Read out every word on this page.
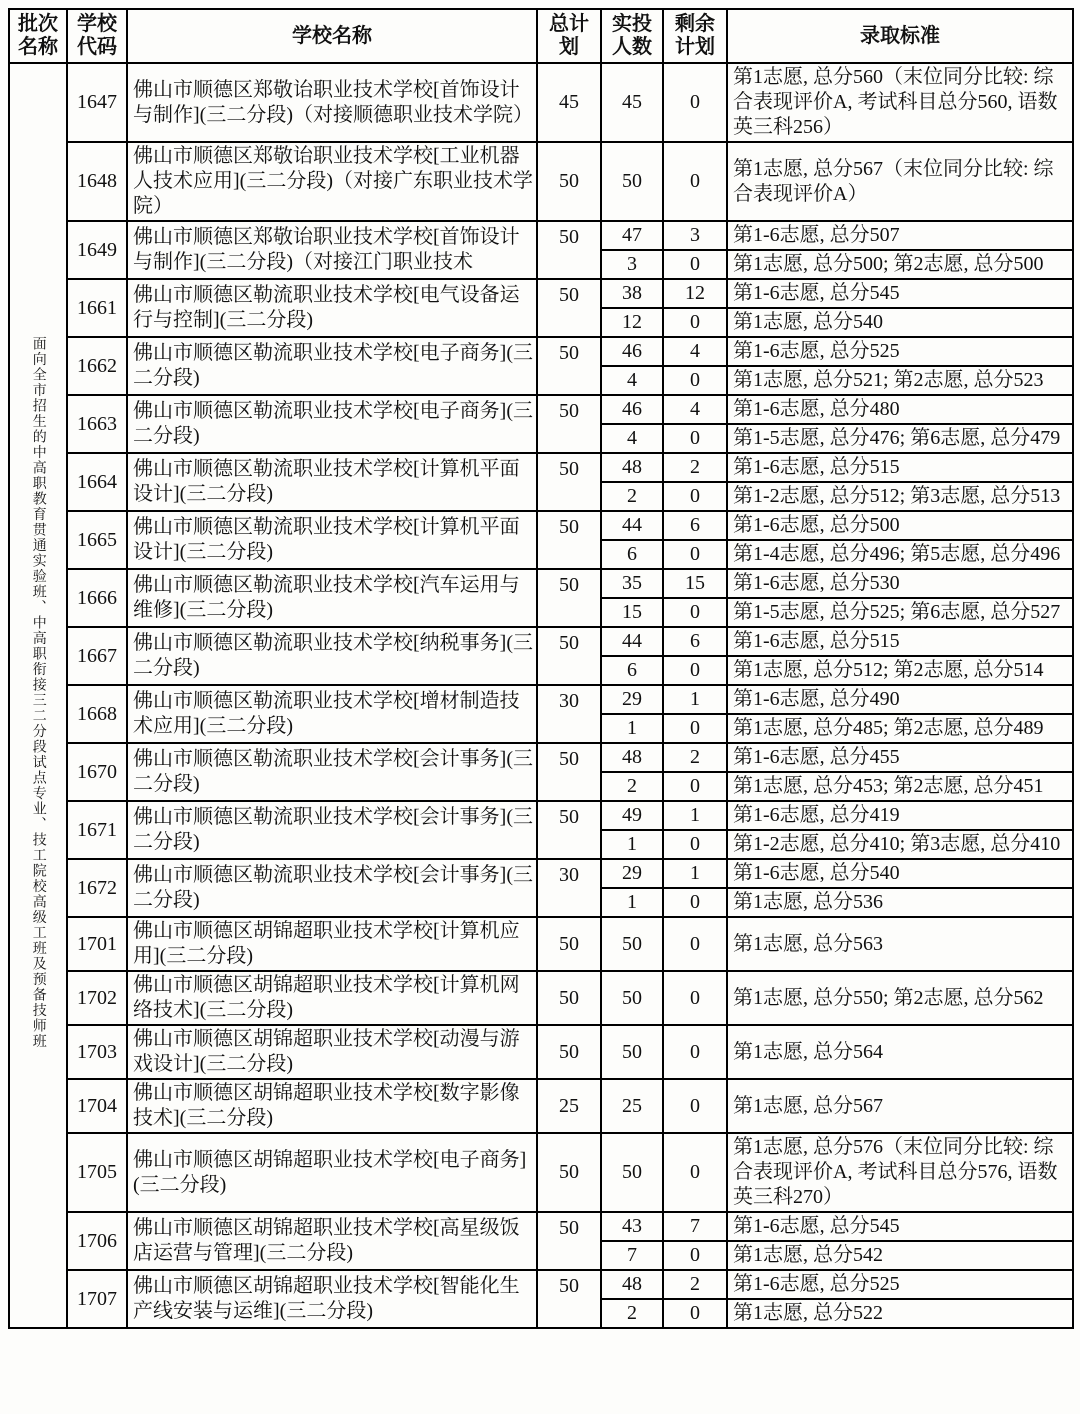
批次名称	学校代码	学校名称	总计划	实投人数	剩余计划	录取标准
面向全市招生的中高职教育贯通实验班、中高职衔接三二分段试点专业、技工院校高级工班及预备技师班	1647	佛山市顺德区郑敬诒职业技术学校[首饰设计与制作](三二分段)（对接顺德职业技术学院）	45	45	0	第1志愿, 总分560（末位同分比较: 综合表现评价A, 考试科目总分560, 语数英三科256）
	1648	佛山市顺德区郑敬诒职业技术学校[工业机器人技术应用](三二分段)（对接广东职业技术学院）	50	50	0	第1志愿, 总分567（末位同分比较: 综合表现评价A）
	1649	佛山市顺德区郑敬诒职业技术学校[首饰设计与制作](三二分段)（对接江门职业技术	50	47	3	第1-6志愿, 总分507
				3	0	第1志愿, 总分500; 第2志愿, 总分500
	1661	佛山市顺德区勒流职业技术学校[电气设备运行与控制](三二分段)	50	38	12	第1-6志愿, 总分545
				12	0	第1志愿, 总分540
	1662	佛山市顺德区勒流职业技术学校[电子商务](三二分段)	50	46	4	第1-6志愿, 总分525
				4	0	第1志愿, 总分521; 第2志愿, 总分523
	1663	佛山市顺德区勒流职业技术学校[电子商务](三二分段)	50	46	4	第1-6志愿, 总分480
				4	0	第1-5志愿, 总分476; 第6志愿, 总分479
	1664	佛山市顺德区勒流职业技术学校[计算机平面设计](三二分段)	50	48	2	第1-6志愿, 总分515
				2	0	第1-2志愿, 总分512; 第3志愿, 总分513
	1665	佛山市顺德区勒流职业技术学校[计算机平面设计](三二分段)	50	44	6	第1-6志愿, 总分500
				6	0	第1-4志愿, 总分496; 第5志愿, 总分496
	1666	佛山市顺德区勒流职业技术学校[汽车运用与维修](三二分段)	50	35	15	第1-6志愿, 总分530
				15	0	第1-5志愿, 总分525; 第6志愿, 总分527
	1667	佛山市顺德区勒流职业技术学校[纳税事务](三二分段)	50	44	6	第1-6志愿, 总分515
				6	0	第1志愿, 总分512; 第2志愿, 总分514
	1668	佛山市顺德区勒流职业技术学校[增材制造技术应用](三二分段)	30	29	1	第1-6志愿, 总分490
				1	0	第1志愿, 总分485; 第2志愿, 总分489
	1670	佛山市顺德区勒流职业技术学校[会计事务](三二分段)	50	48	2	第1-6志愿, 总分455
				2	0	第1志愿, 总分453; 第2志愿, 总分451
	1671	佛山市顺德区勒流职业技术学校[会计事务](三二分段)	50	49	1	第1-6志愿, 总分419
				1	0	第1-2志愿, 总分410; 第3志愿, 总分410
	1672	佛山市顺德区勒流职业技术学校[会计事务](三二分段)	30	29	1	第1-6志愿, 总分540
				1	0	第1志愿, 总分536
	1701	佛山市顺德区胡锦超职业技术学校[计算机应用](三二分段)	50	50	0	第1志愿, 总分563
	1702	佛山市顺德区胡锦超职业技术学校[计算机网络技术](三二分段)	50	50	0	第1志愿, 总分550; 第2志愿, 总分562
	1703	佛山市顺德区胡锦超职业技术学校[动漫与游戏设计](三二分段)	50	50	0	第1志愿, 总分564
	1704	佛山市顺德区胡锦超职业技术学校[数字影像技术](三二分段)	25	25	0	第1志愿, 总分567
	1705	佛山市顺德区胡锦超职业技术学校[电子商务](三二分段)	50	50	0	第1志愿, 总分576（末位同分比较: 综合表现评价A, 考试科目总分576, 语数英三科270）
	1706	佛山市顺德区胡锦超职业技术学校[高星级饭店运营与管理](三二分段)	50	43	7	第1-6志愿, 总分545
				7	0	第1志愿, 总分542
	1707	佛山市顺德区胡锦超职业技术学校[智能化生产线安装与运维](三二分段)	50	48	2	第1-6志愿, 总分525
				2	0	第1志愿, 总分522
